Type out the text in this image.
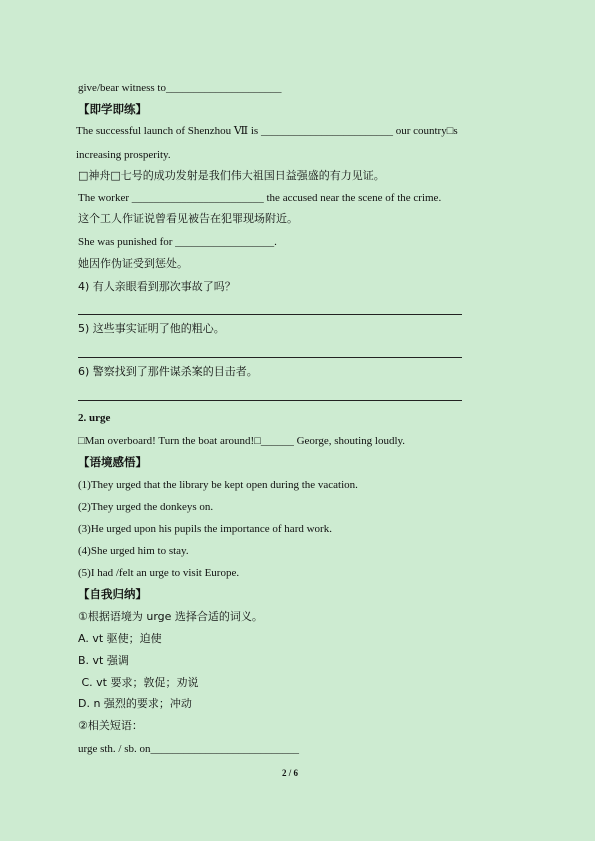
give/bear witness to_____________________
【即学即练】
The successful launch of Shenzhou Ⅶ is ________________________ our country□s
increasing prosperity.
□神舟□七号的成功发射是我们伟大祖国日益强盛的有力见证。
The worker ________________________ the accused near the scene of the crime.
这个工人作证说曾看见被告在犯罪现场附近。
She was punished for __________________.
她因作伪证受到惩处。
4) 有人亲眼看到那次事故了吗？
5) 这些事实证明了他的粗心。
6) 警察找到了那件谋杀案的目击者。
2. urge
□Man overboard! Turn the boat around!□______ George, shouting loudly.
【语境感悟】
(1)They urged that the library be kept open during the vacation.
(2)They urged the donkeys on.
(3)He urged upon his pupils the importance of hard work.
(4)She urged him to stay.
(5)I had /felt an urge to visit Europe.
【自我归纳】
①根据语境为 urge 选择合适的词义。
A. vt 驱使；迫使
B. vt 强调
C. vt 要求；敦促；劝说
D. n 强烈的要求；冲动
②相关短语：
urge sth. / sb. on___________________________
2 / 6
